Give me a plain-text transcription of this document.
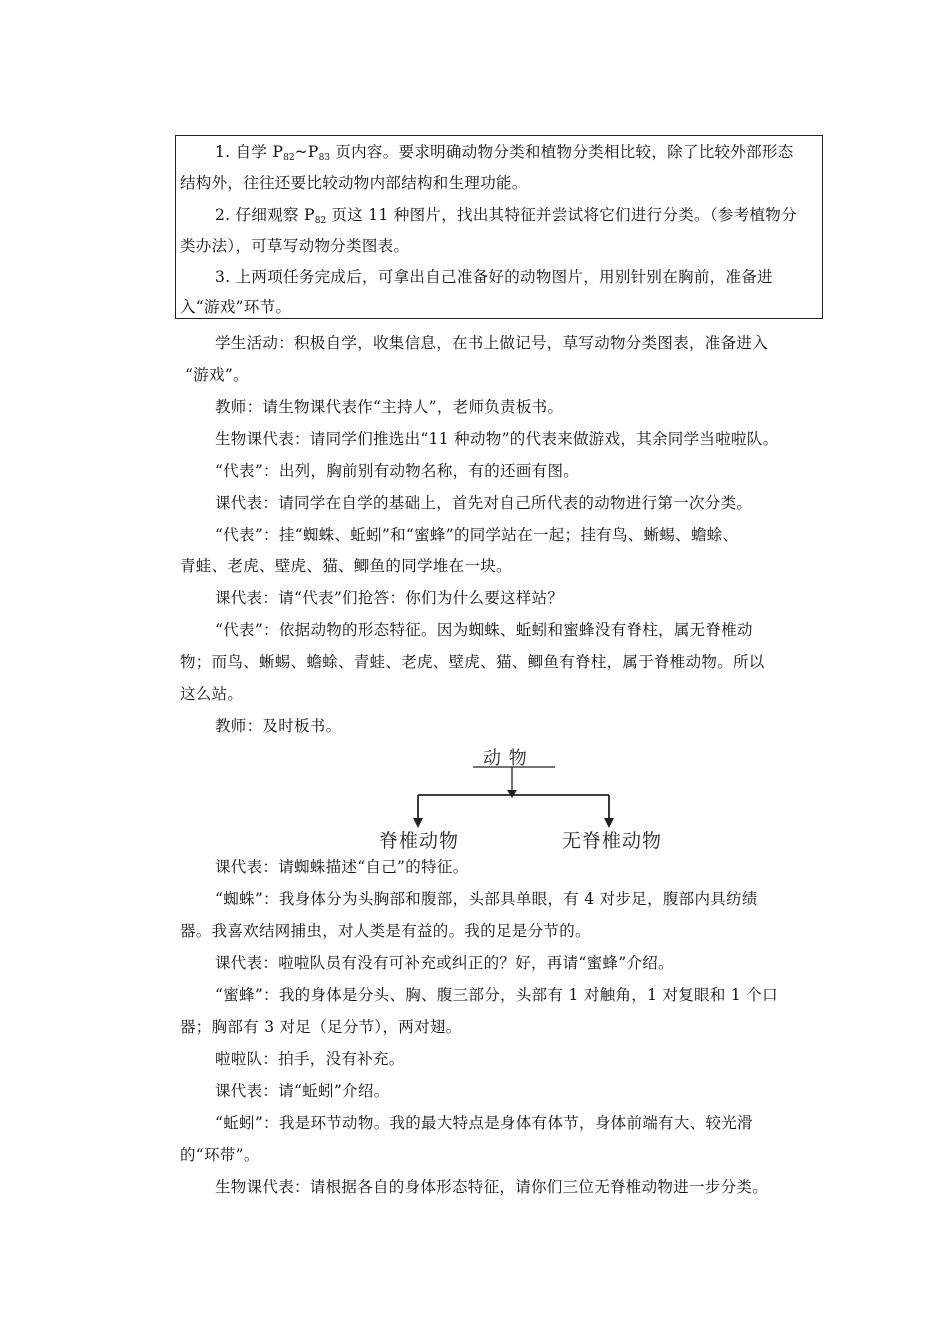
1. 自学 $P_{82}\sim P_{83}$ 页内容。要求明确动物分类和植物分类相比较，除了比较外部形态
结构外，往往还要比较动物内部结构和生理功能。
2. 仔细观察 $P_{82}$ 页这 11 种图片，找出其特征并尝试将它们进行分类。（参考植物分
类办法），可草写动物分类图表。
3. 上两项任务完成后，可拿出自己准备好的动物图片，用别针别在胸前，准备进
入“游戏”环节。
学生活动：积极自学，收集信息，在书上做记号，草写动物分类图表，准备进入
“游戏”。
教师：请生物课代表作“主持人”，老师负责板书。
生物课代表：请同学们推选出“11 种动物”的代表来做游戏，其余同学当啦啦队。
“代表”：出列，胸前别有动物名称，有的还画有图。
课代表：请同学在自学的基础上，首先对自己所代表的动物进行第一次分类。
“代表”：挂“蜘蛛、蚯蚓”和“蜜蜂”的同学站在一起；挂有鸟、蜥蜴、蟾蜍、
青蛙、老虎、壁虎、猫、鲫鱼的同学堆在一块。
课代表：请“代表”们抢答：你们为什么要这样站？
“代表”：依据动物的形态特征。因为蜘蛛、蚯蚓和蜜蜂没有脊柱，属无脊椎动
物；而鸟、蜥蜴、蟾蜍、青蛙、老虎、壁虎、猫、鲫鱼有脊柱，属于脊椎动物。所以
这么站。
教师：及时板书。
动 物
脊椎动物	无脊椎动物
课代表：请蜘蛛描述“自己”的特征。
“蜘蛛”：我身体分为头胸部和腹部，头部具单眼，有 4 对步足，腹部内具纺绩
器。我喜欢结网捕虫，对人类是有益的。我的足是分节的。
课代表：啦啦队员有没有可补充或纠正的？好，再请“蜜蜂”介绍。
“蜜蜂”：我的身体是分头、胸、腹三部分，头部有 1 对触角，1 对复眼和 1 个口
器；胸部有 3 对足（足分节），两对翅。
啦啦队：拍手，没有补充。
课代表：请“蚯蚓”介绍。
“蚯蚓”：我是环节动物。我的最大特点是身体有体节，身体前端有大、较光滑
的“环带”。
生物课代表：请根据各自的身体形态特征，请你们三位无脊椎动物进一步分类。
